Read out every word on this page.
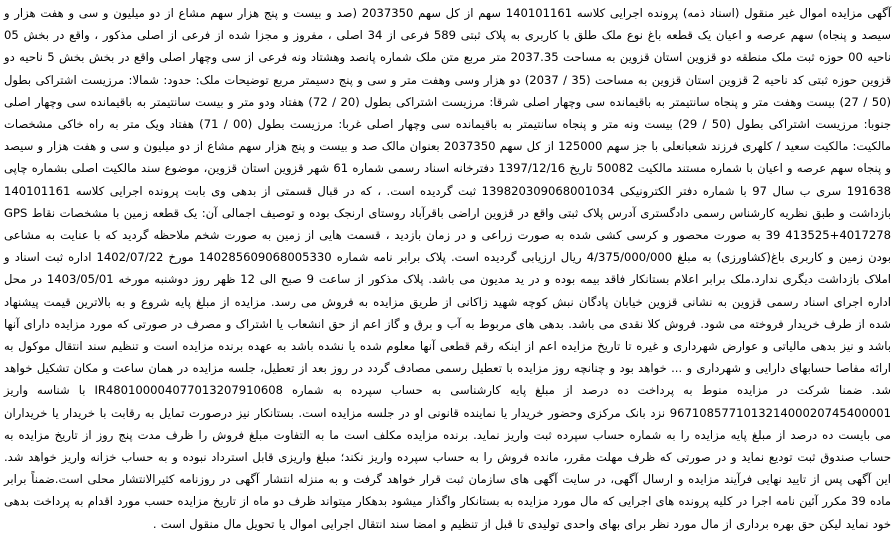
آگهی مزایده اموال غیر منقول (اسناد ذمه) پرونده اجرایی کلاسه 140101161 سهم از کل سهم 2037350 (صد و بیست و پنج هزار سهم مشاع از دو میلیون و سی و هفت هزار و سیصد و پنجاه) سهم عرصه و اعیان یک قطعه باغ نوع ملک طلق با کاربری به پلاک ثبتی 589 فرعی از 34 اصلی ، مفروز و مجزا شده از فرعی از اصلی مذکور ، واقع در بخش 05 ناحیه 00 حوزه ثبت ملک منطقه دو قزوین استان قزوین به مساحت 2037.35 متر مربع متن ملک شماره پانصد وهشتاد ونه فرعی از سی وچهار اصلی واقع در بخش بخش 5 ناحیه دو قزوین حوزه ثبتی کد ناحیه 2 قزوین استان قزوین به مساحت (35 / 2037) دو هزار وسی وهفت متر و سی و پنج دسیمتر مربع توضیحات ملک: حدود: شمالا: مرزیست اشتراکی بطول (50 / 27) بیست وهفت متر و پنجاه سانتیمتر به باقیمانده سی وچهار اصلی شرقا: مرزیست اشتراکی بطول (20 / 72) هفتاد ودو متر و بیست سانتیمتر به باقیمانده سی وچهار اصلی جنوبا: مرزیست اشتراکی بطول (50 / 29) بیست ونه متر و پنجاه سانتیمتر به باقیمانده سی وچهار اصلی غربا: مرزیست بطول (00 / 71) هفتاد ویک متر به راه خاکی مشخصات مالکیت: مالکیت سعید / کلهری فرزند شعبانعلی با جز سهم 125000 از کل سهم 2037350 بعنوان مالک صد و بیست و پنج هزار سهم مشاع از دو میلیون و سی و هفت هزار و سیصد و پنجاه سهم عرصه و اعیان با شماره مستند مالکیت 50082 تاریخ 1397/12/16 دفترخانه اسناد رسمی شماره 61 شهر قزوین استان قزوین، موضوع سند مالکیت اصلی بشماره چاپی 191638 سری ب سال 97 با شماره دفتر الکترونیکی 139820309068001034 ثبت گردیده است. ، که در قبال قسمتی از بدهی وی بابت پرونده اجرایی کلاسه 140101161 بازداشت و طبق نظریه کارشناس رسمی دادگستری آدرس پلاک ثبتی واقع در قزوین اراضی باقرآباد روستای ارنجک بوده و توصیف اجمالی آن: یک قطعه زمین با مشخصات نقاط GPS 39 413525+4017278 به صورت محصور و کرسی کشی شده به صورت زراعی و در زمان بازدید ، قسمت هایی از زمین به صورت شخم ملاحظه گردید که با عنایت به مشاعی بودن زمین و کاربری باغ(کشاورزی) به مبلغ 4/375/000/000 ریال ارزیابی گردیده است. پلاک برابر نامه شماره 140285609068005330 مورخ 1402/07/22 اداره ثبت اسناد و املاک بازداشت دیگری ندارد.ملک برابر اعلام بستانکار فاقد بیمه بوده و در ید مدیون می باشد. پلاک مذکور از ساعت 9 صبح الی 12 ظهر روز دوشنبه مورخه 1403/05/01 در محل اداره اجرای اسناد رسمی قزوین به نشانی قزوین خیابان پادگان نبش کوچه شهید زاکانی از طریق مزایده به فروش می رسد. مزایده از مبلغ پایه شروع و به بالاترین قیمت پیشنهاد شده از طرف خریدار فروخته می شود. فروش کلا نقدی می باشد. بدهی های مربوط به آب و برق و گاز اعم از حق انشعاب یا اشتراک و مصرف در صورتی که مورد مزایده دارای آنها باشد و نیز بدهی مالیاتی و عوارض شهرداری و غیره تا تاریخ مزایده اعم از اینکه رقم قطعی آنها معلوم شده یا نشده باشد به عهده برنده مزایده است و تنظیم سند انتقال موکول به ارائه مفاصا حسابهای دارایی و شهرداری و ... خواهد بود و چنانچه روز مزایده با تعطیل رسمی مصادف گردد در روز بعد از تعطیل، جلسه مزایده در همان ساعت و مکان تشکیل خواهد شد. ضمنا شرکت در مزایده منوط به پرداخت ده درصد از مبلغ پایه کارشناسی به حساب سپرده به شماره IR480100004077013207910608 با شناسه واریز 967108577101321400020745400001 نزد بانک مرکزی وحضور خریدار یا نماینده قانونی او در جلسه مزایده است. بستانکار نیز درصورت تمایل به رقابت با خریدار یا خریداران می بایست ده درصد از مبلغ پایه مزایده را به شماره حساب سپرده ثبت واریز نماید. برنده مزایده مکلف است ما به التفاوت مبلغ فروش را ظرف مدت پنج روز از تاریخ مزایده به حساب صندوق ثبت تودیع نماید و در صورتی که ظرف مهلت مقرر، مانده فروش را به حساب سپرده واریز نکند؛ مبلغ واریزی قابل استرداد نبوده و به حساب خزانه واریز خواهد شد. این آگهی پس از تایید نهایی فرآیند مزایده و ارسال آگهی، در سایت آگهی های سازمان ثبت قرار خواهد گرفت و به منزله انتشار آگهی در روزنامه کثیرالانتشار محلی است.ضمناً برابر ماده 39 مکرر آئین نامه اجرا در کلیه پرونده های اجرایی که مال مورد مزایده به بستانکار واگذار میشود بدهکار میتواند ظرف دو ماه از تاریخ مزایده حسب مورد اقدام به پرداخت بدهی خود نماید لیکن حق بهره برداری از مال مورد نظر برای بهای واحدی تولیدی تا قبل از تنظیم و امضا سند انتقال اجرایی اموال یا تحویل مال منقول است .
